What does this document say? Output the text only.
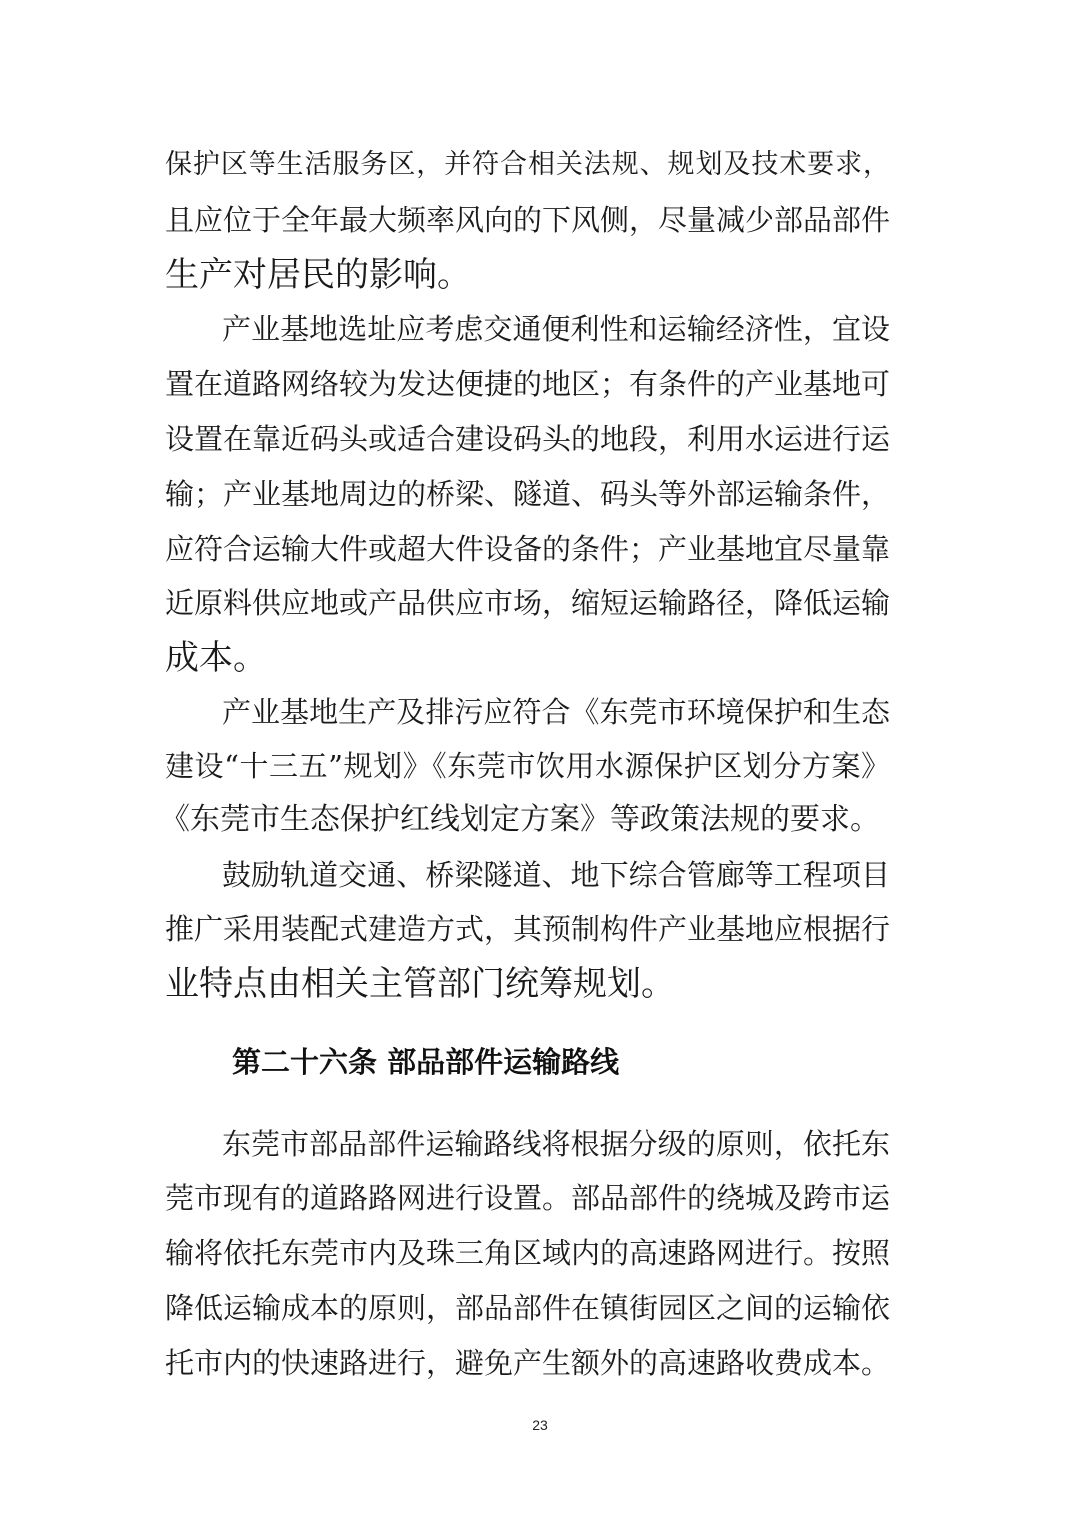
保护区等生活服务区，并符合相关法规、规划及技术要求，
且应位于全年最大频率风向的下风侧，尽量减少部品部件
生产对居民的影响。
产业基地选址应考虑交通便利性和运输经济性，宜设
置在道路网络较为发达便捷的地区；有条件的产业基地可
设置在靠近码头或适合建设码头的地段，利用水运进行运
输；产业基地周边的桥梁、隧道、码头等外部运输条件，
应符合运输大件或超大件设备的条件；产业基地宜尽量靠
近原料供应地或产品供应市场，缩短运输路径，降低运输
成本。
产业基地生产及排污应符合《东莞市环境保护和生态
建设“十三五”规划》《东莞市饮用水源保护区划分方案》
《东莞市生态保护红线划定方案》等政策法规的要求。
鼓励轨道交通、桥梁隧道、地下综合管廊等工程项目
推广采用装配式建造方式，其预制构件产业基地应根据行
业特点由相关主管部门统筹规划。
第二十六条 部品部件运输路线
东莞市部品部件运输路线将根据分级的原则，依托东
莞市现有的道路路网进行设置。部品部件的绕城及跨市运
输将依托东莞市内及珠三角区域内的高速路网进行。按照
降低运输成本的原则，部品部件在镇街园区之间的运输依
托市内的快速路进行，避免产生额外的高速路收费成本。
23
